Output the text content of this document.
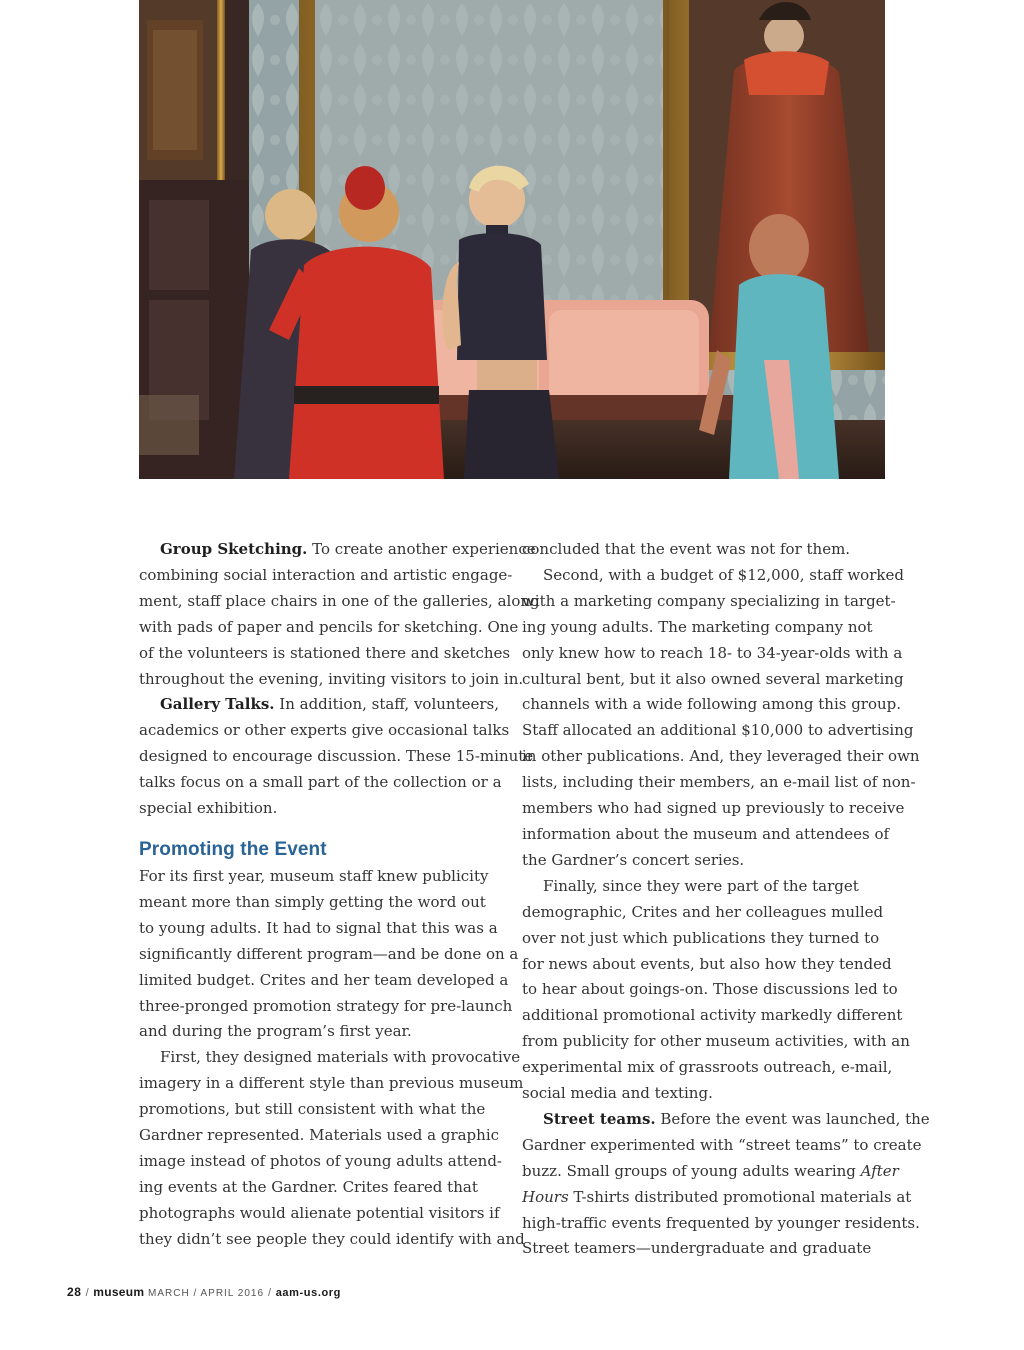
Group Sketching. To create another experience
combining social interaction and artistic engage-
ment, staff place chairs in one of the galleries, along
with pads of paper and pencils for sketching. One
of the volunteers is stationed there and sketches
throughout the evening, inviting visitors to join in.

Gallery Talks. In addition, staff, volunteers,
academics or other experts give occasional talks
designed to encourage discussion. These 15-minute
talks focus on a small part of the collection or a
special exhibition.

Promoting the Event

For its first year, museum staff knew publicity
meant more than simply getting the word out
to young adults. It had to signal that this was a
significantly different program—and be done on a
limited budget. Crites and her team developed a
three-pronged promotion strategy for pre-launch
and during the program’s first year.

First, they designed materials with provocative
imagery in a different style than previous museum
promotions, but still consistent with what the
Gardner represented. Materials used a graphic
image instead of photos of young adults attend-
ing events at the Gardner. Crites feared that
photographs would alienate potential visitors if
they didn’t see people they could identify with and

concluded that the event was not for them.

Second, with a budget of $12,000, staff worked
with a marketing company specializing in target-
ing young adults. The marketing company not
only knew how to reach 18- to 34-year-olds with a
cultural bent, but it also owned several marketing
channels with a wide following among this group.
Staff allocated an additional $10,000 to advertising
in other publications. And, they leveraged their own
lists, including their members, an e-mail list of non-
members who had signed up previously to receive
information about the museum and attendees of
the Gardner’s concert series.

Finally, since they were part of the target
demographic, Crites and her colleagues mulled
over not just which publications they turned to
for news about events, but also how they tended
to hear about goings-on. Those discussions led to
additional promotional activity markedly different
from publicity for other museum activities, with an
experimental mix of grassroots outreach, e-mail,
social media and texting.

Street teams. Before the event was launched, the
Gardner experimented with “street teams” to create
buzz. Small groups of young adults wearing After
Hours T-shirts distributed promotional materials at
high-traffic events frequented by younger residents.
Street teamers—undergraduate and graduate

28 / museum MARCH / APRIL 2016 / aam-us.org
